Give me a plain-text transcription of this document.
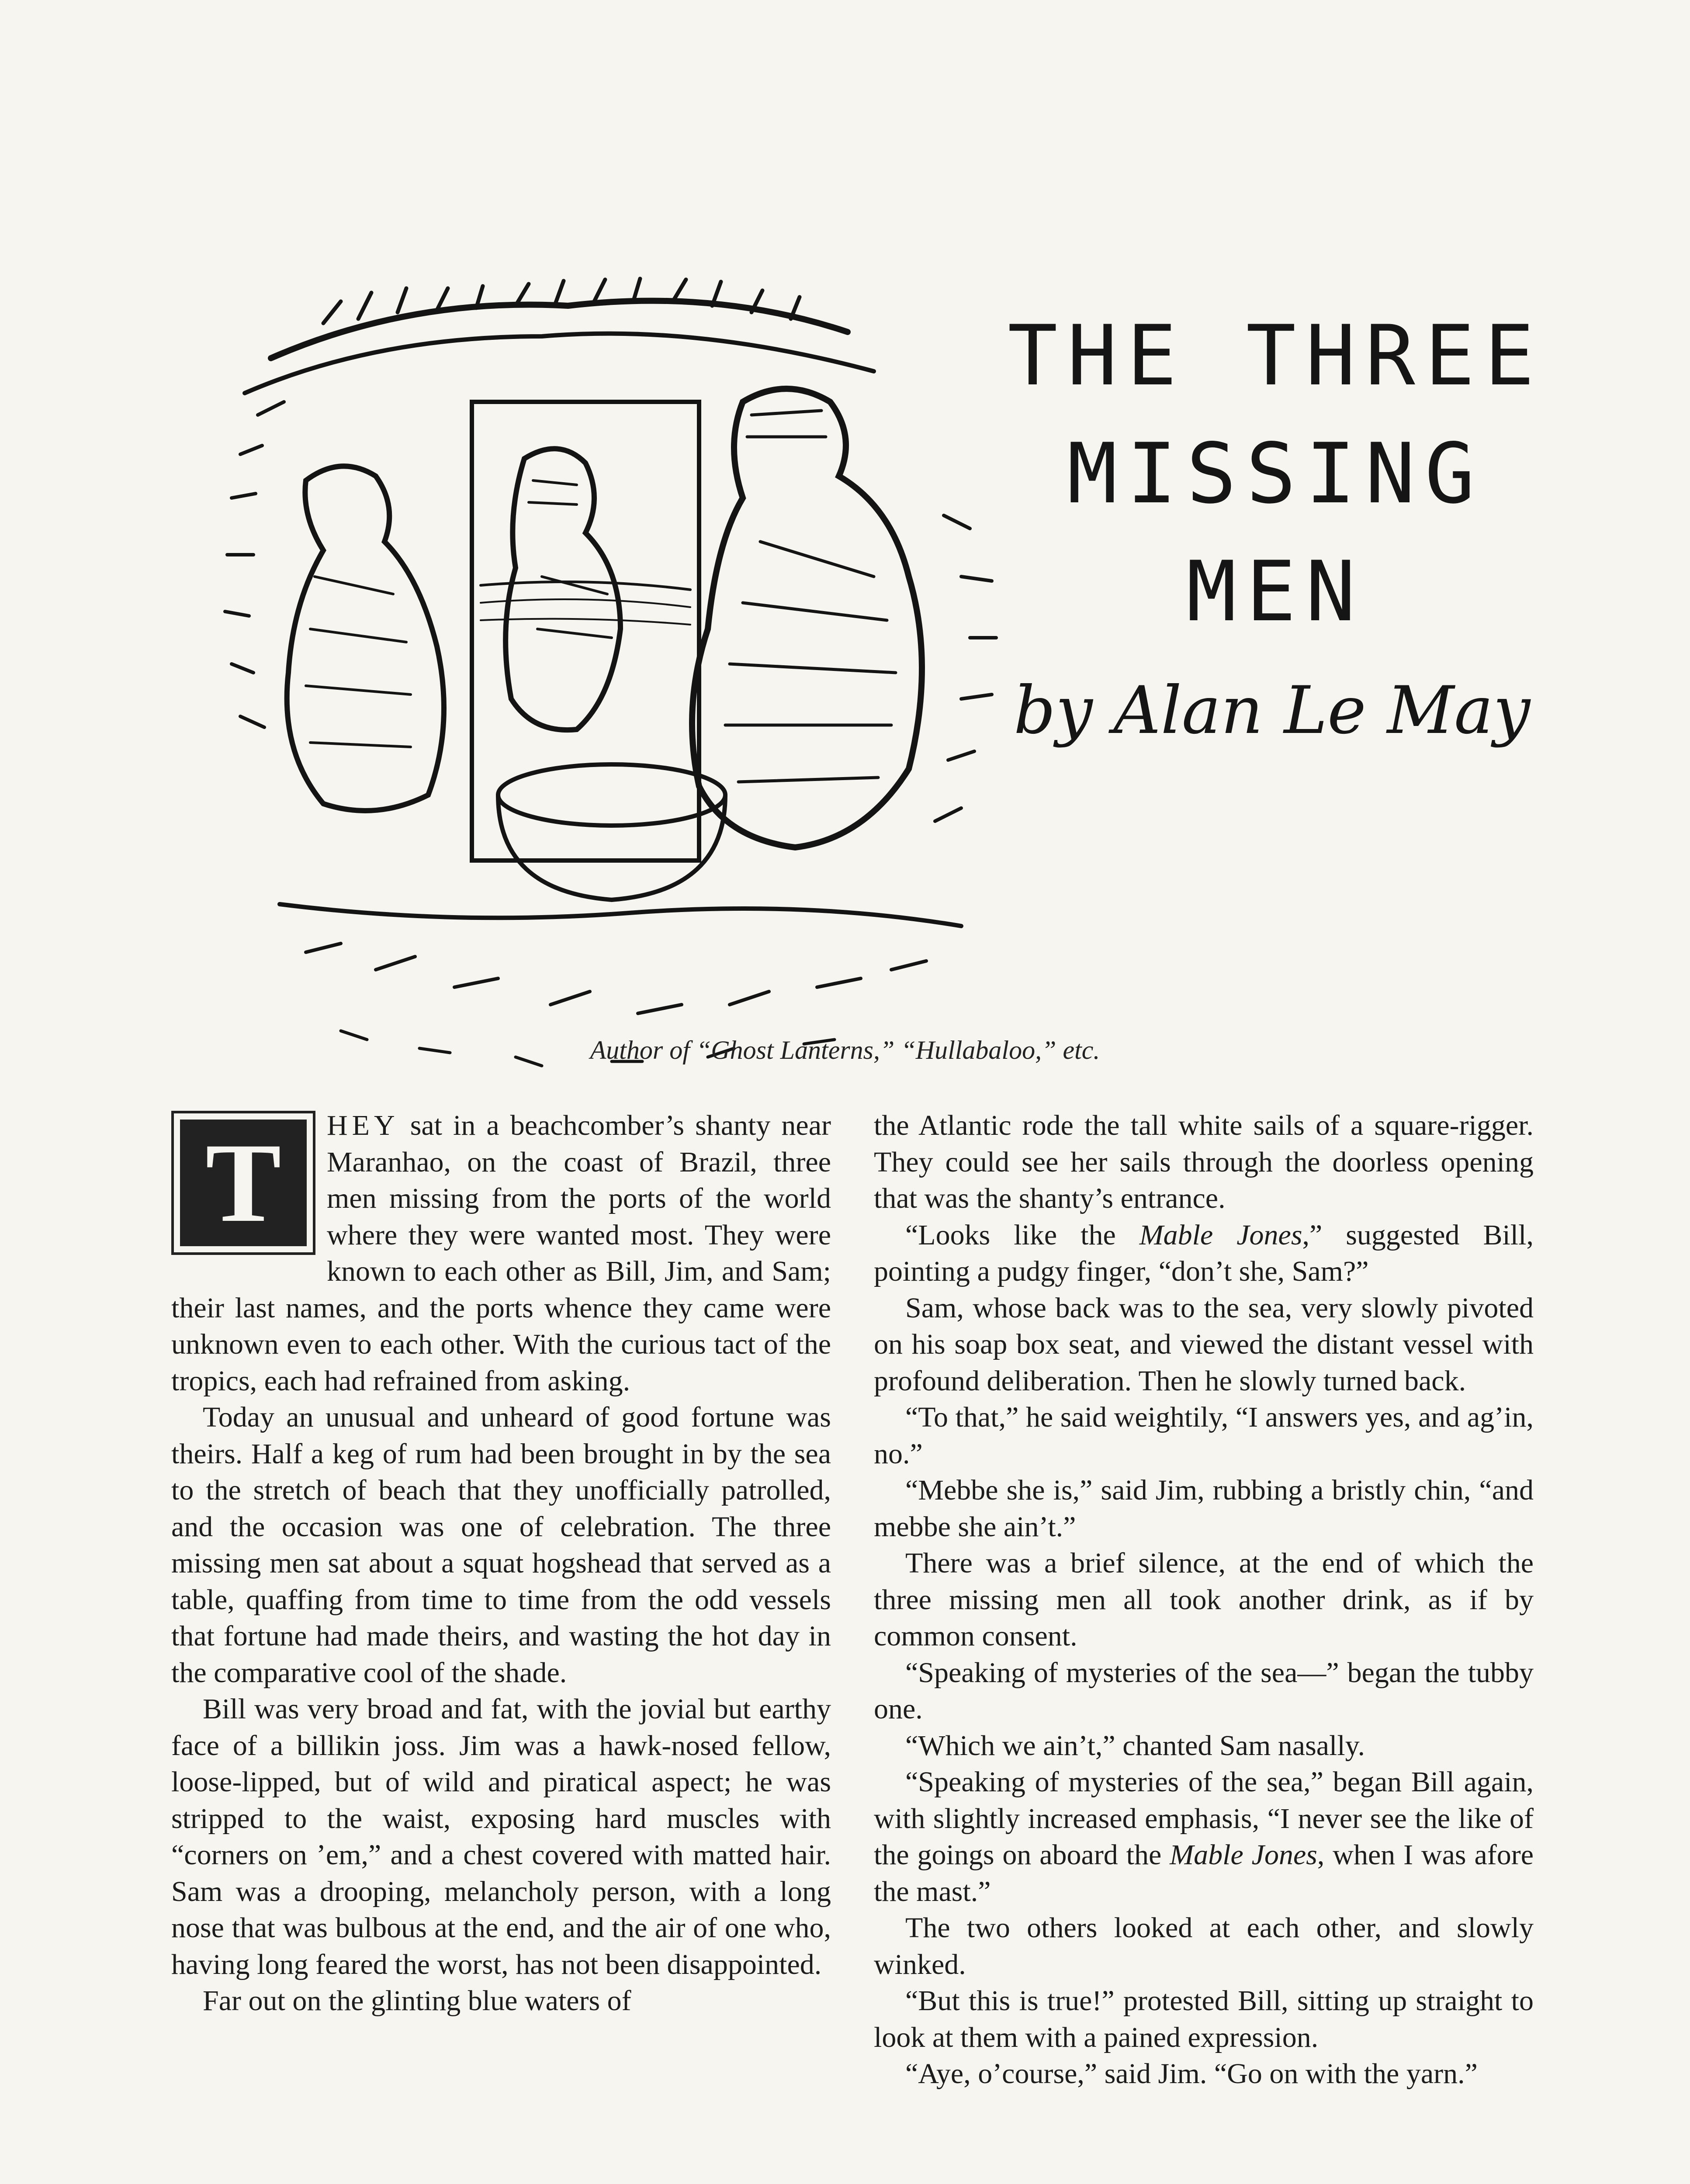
THE THREE
MISSING
MEN
by Alan Le May
Author of “Ghost Lanterns,” “Hullabaloo,” etc.

T	HEY sat in a beachcomber’s shanty near Maranhao, on the coast of Brazil, three men missing from the ports of the world where they were wanted most. They were known to each other as Bill, Jim, and Sam; their last names, and the ports whence they came were unknown even to each other. With the curious tact of the tropics, each had refrained from asking.

Today an unusual and unheard of good fortune was theirs. Half a keg of rum had been brought in by the sea to the stretch of beach that they unofficially patrolled, and the occasion was one of celebration. The three missing men sat about a squat hogshead that served as a table, quaffing from time to time from the odd vessels that fortune had made theirs, and wasting the hot day in the comparative cool of the shade.

Bill was very broad and fat, with the jovial but earthy face of a billikin joss. Jim was a hawk-nosed fellow, loose-lipped, but of wild and piratical aspect; he was stripped to the waist, exposing hard muscles with “corners on ’em,” and a chest covered with matted hair. Sam was a drooping, melancholy person, with a long nose that was bulbous at the end, and the air of one who, having long feared the worst, has not been disappointed.

Far out on the glinting blue waters of

the Atlantic rode the tall white sails of a square-rigger. They could see her sails through the doorless opening that was the shanty’s entrance.

“Looks like the Mable Jones,” suggested Bill, pointing a pudgy finger, “don’t she, Sam?”

Sam, whose back was to the sea, very slowly pivoted on his soap box seat, and viewed the distant vessel with profound deliberation. Then he slowly turned back.

“To that,” he said weightily, “I answers yes, and ag’in, no.”

“Mebbe she is,” said Jim, rubbing a bristly chin, “and mebbe she ain’t.”

There was a brief silence, at the end of which the three missing men all took another drink, as if by common consent.

“Speaking of mysteries of the sea—” began the tubby one.

“Which we ain’t,” chanted Sam nasally.

“Speaking of mysteries of the sea,” began Bill again, with slightly increased emphasis, “I never see the like of the goings on aboard the Mable Jones, when I was afore the mast.”

The two others looked at each other, and slowly winked.

“But this is true!” protested Bill, sitting up straight to look at them with a pained expression.

“Aye, o’course,” said Jim. “Go on with the yarn.”
